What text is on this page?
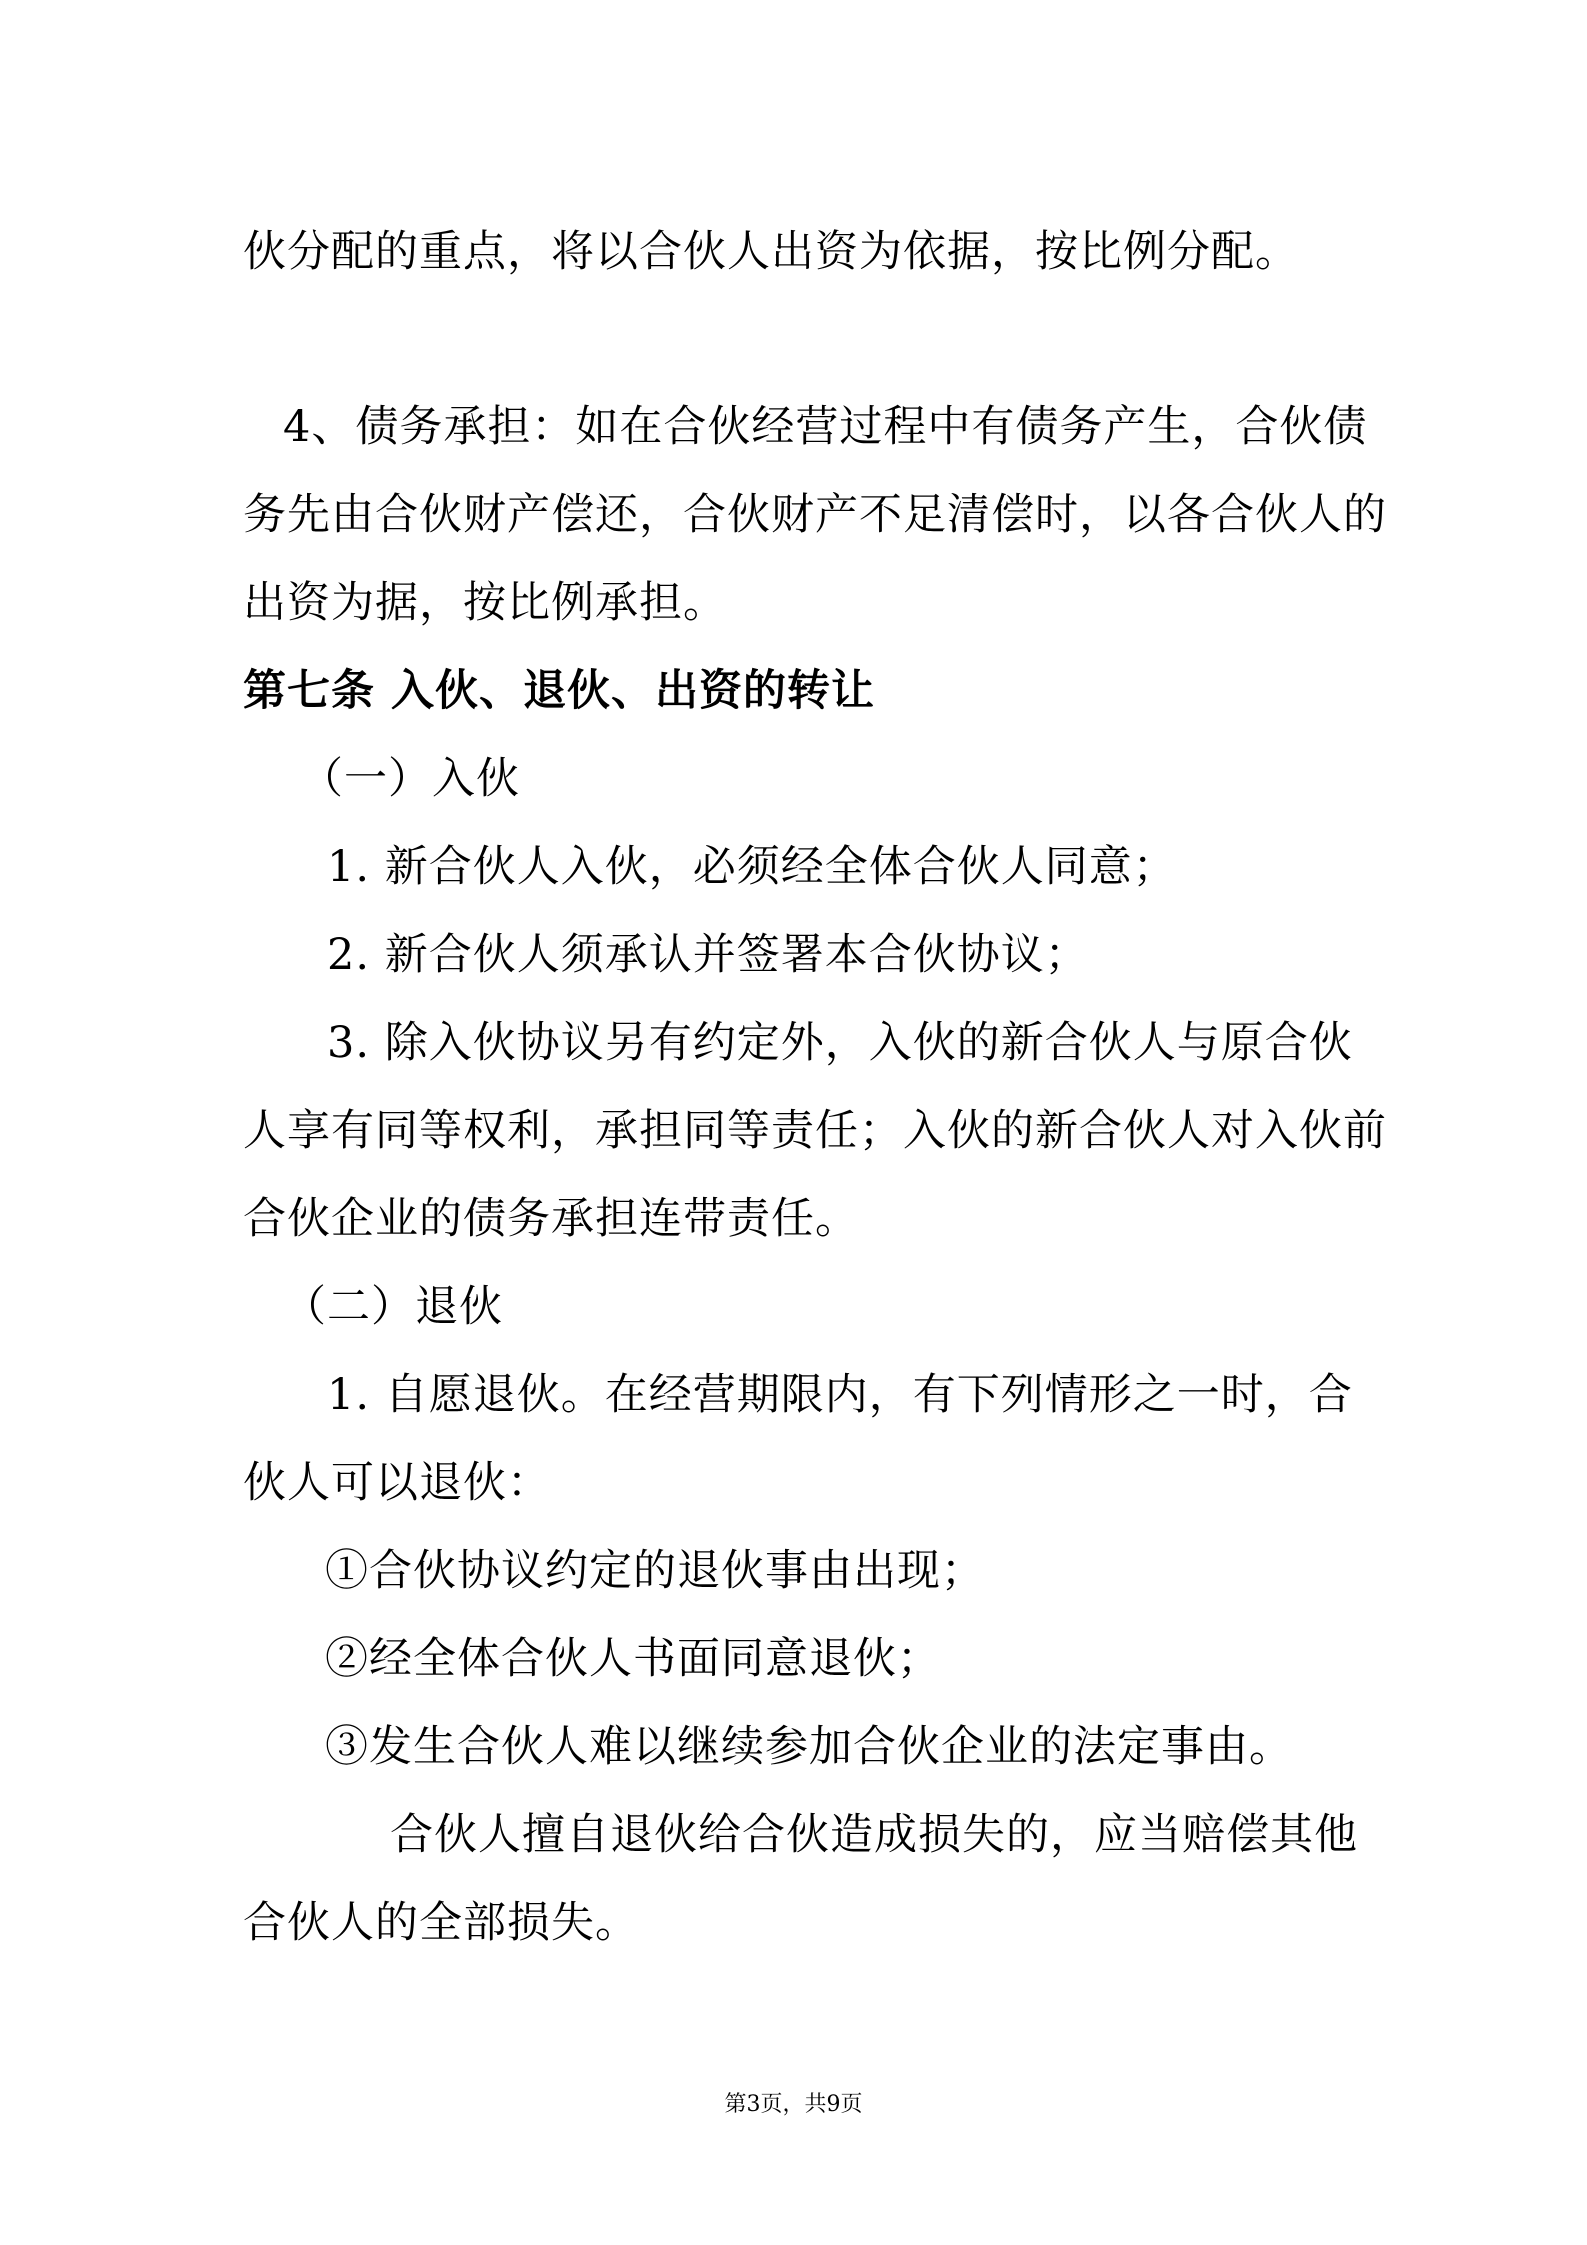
伙分配的重点，将以合伙人出资为依据，按比例分配。
4、债务承担：如在合伙经营过程中有债务产生，合伙债
务先由合伙财产偿还，合伙财产不足清偿时，以各合伙人的
出资为据，按比例承担。
第七条 入伙、退伙、出资的转让
（一）入伙
1. 新合伙人入伙，必须经全体合伙人同意；
2. 新合伙人须承认并签署本合伙协议；
3. 除入伙协议另有约定外，入伙的新合伙人与原合伙
人享有同等权利，承担同等责任；入伙的新合伙人对入伙前
合伙企业的债务承担连带责任。
（二）退伙
1. 自愿退伙。在经营期限内，有下列情形之一时，合
伙人可以退伙：
①合伙协议约定的退伙事由出现；
②经全体合伙人书面同意退伙；
③发生合伙人难以继续参加合伙企业的法定事由。
合伙人擅自退伙给合伙造成损失的，应当赔偿其他
合伙人的全部损失。
第3页，共9页
